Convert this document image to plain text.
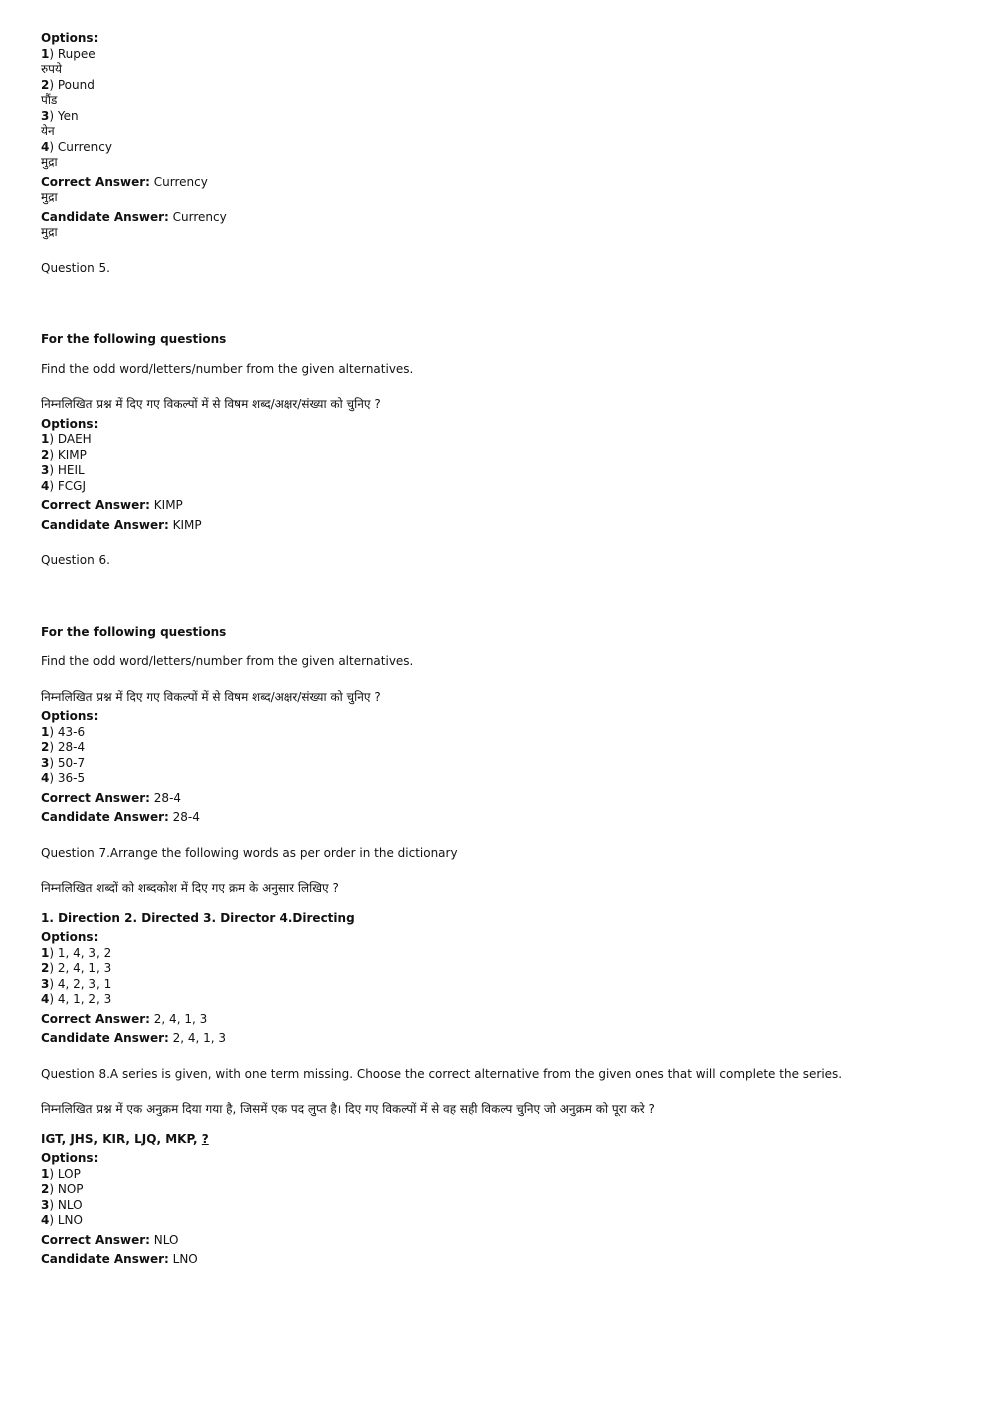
Options:
1) Rupee
रुपये
2) Pound
पौंड
3) Yen
येन
4) Currency
मुद्रा
Correct Answer: Currency
मुद्रा
Candidate Answer: Currency
मुद्रा
Question 5.
For the following questions
Find the odd word/letters/number from the given alternatives.
निम्नलिखित प्रश्न में दिए गए विकल्पों में से विषम शब्द/अक्षर/संख्या को चुनिए ?
Options:
1) DAEH
2) KIMP
3) HEIL
4) FCGJ
Correct Answer: KIMP
Candidate Answer: KIMP
Question 6.
For the following questions
Find the odd word/letters/number from the given alternatives.
निम्नलिखित प्रश्न में दिए गए विकल्पों में से विषम शब्द/अक्षर/संख्या को चुनिए ?
Options:
1) 43-6
2) 28-4
3) 50-7
4) 36-5
Correct Answer: 28-4
Candidate Answer: 28-4
Question 7.Arrange the following words as per order in the dictionary
निम्नलिखित शब्दों को शब्दकोश में दिए गए क्रम के अनुसार लिखिए ?
1. Direction 2. Directed 3. Director 4.Directing
Options:
1) 1, 4, 3, 2
2) 2, 4, 1, 3
3) 4, 2, 3, 1
4) 4, 1, 2, 3
Correct Answer: 2, 4, 1, 3
Candidate Answer: 2, 4, 1, 3
Question 8.A series is given, with one term missing. Choose the correct alternative from the given ones that will complete the series.
निम्नलिखित प्रश्न में एक अनुक्रम दिया गया है, जिसमें एक पद लुप्त है। दिए गए विकल्पों में से वह सही विकल्प चुनिए जो अनुक्रम को पूरा करे ?
IGT, JHS, KIR, LJQ, MKP, ?
Options:
1) LOP
2) NOP
3) NLO
4) LNO
Correct Answer: NLO
Candidate Answer: LNO
